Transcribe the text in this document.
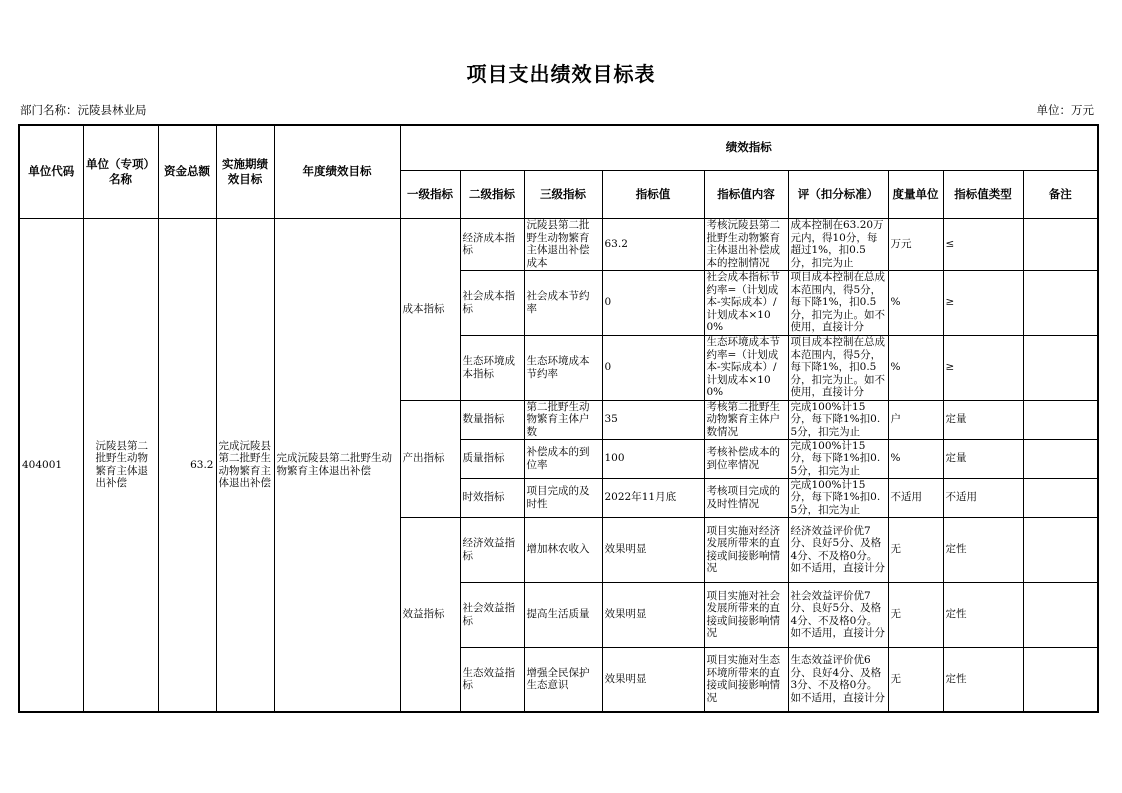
项目支出绩效目标表
部门名称：沅陵县林业局	单位：万元
单位代码	单位（专项）名称	资金总额	实施期绩效目标	年度绩效目标	绩效指标								
					一级指标	二级指标	三级指标	指标值	指标值内容	评（扣分标准）	度量单位	指标值类型	备注
404001	沅陵县第二批野生动物繁育主体退出补偿	63.2	完成沅陵县第二批野生动物繁育主体退出补偿	完成沅陵县第二批野生动物繁育主体退出补偿	成本指标	经济成本指标	沅陵县第二批野生动物繁育主体退出补偿成本	63.2	考核沅陵县第二批野生动物繁育主体退出补偿成本的控制情况	成本控制在63.20万元内，得10分，每超过1%，扣0.5分，扣完为止	万元	≤	
						社会成本指标	社会成本节约率	0	社会成本指标节约率=（计划成本-实际成本）/计划成本×100%	项目成本控制在总成本范围内，得5分，每下降1%，扣0.5分，扣完为止。如不使用，直接计分	%	≥	
						生态环境成本指标	生态环境成本节约率	0	生态环境成本节约率=（计划成本-实际成本）/计划成本×100%	项目成本控制在总成本范围内，得5分，每下降1%，扣0.5分，扣完为止。如不使用，直接计分	%	≥	
					产出指标	数量指标	第二批野生动物繁育主体户数	35	考核第二批野生动物繁育主体户数情况	完成100%计15分，每下降1%扣0.5分，扣完为止	户	定量	
						质量指标	补偿成本的到位率	100	考核补偿成本的到位率情况	完成100%计15分，每下降1%扣0.5分，扣完为止	%	定量	
						时效指标	项目完成的及时性	2022年11月底	考核项目完成的及时性情况	完成100%计15分，每下降1%扣0.5分，扣完为止	不适用	不适用	
					效益指标	经济效益指标	增加林农收入	效果明显	项目实施对经济发展所带来的直接或间接影响情况	经济效益评价优7分、良好5分、及格4分、不及格0分。如不适用，直接计分	无	定性	
						社会效益指标	提高生活质量	效果明显	项目实施对社会发展所带来的直接或间接影响情况	社会效益评价优7分、良好5分、及格4分、不及格0分。如不适用，直接计分	无	定性	
						生态效益指标	增强全民保护生态意识	效果明显	项目实施对生态环境所带来的直接或间接影响情况	生态效益评价优6分、良好4分、及格3分、不及格0分。如不适用，直接计分	无	定性	
